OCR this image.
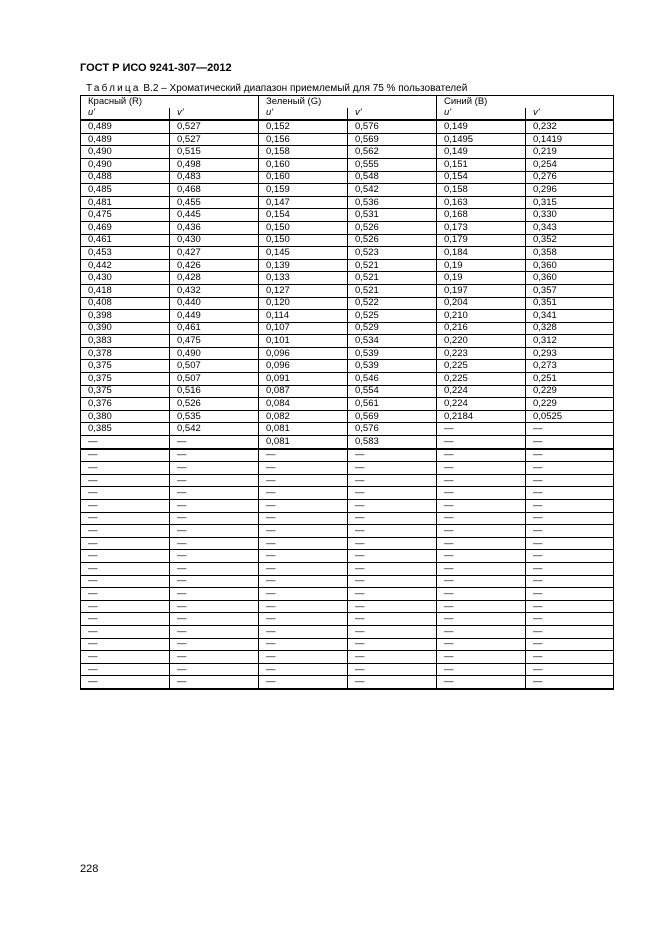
ГОСТ Р ИСО 9241-307—2012
Таблица В.2 – Хроматический диапазон приемлемый для 75 % пользователей
Красный (R)		Зеленый (G)		Синий (B)	
u'	v'	u'	v'	u'	v'
0,489	0,527	0,152	0,576	0,149	0,232
0,489	0,527	0,156	0,569	0,1495	0,1419
0,490	0,515	0,158	0,562	0,149	0,219
0,490	0,498	0,160	0,555	0,151	0,254
0,488	0,483	0,160	0,548	0,154	0,276
0,485	0,468	0,159	0,542	0,158	0,296
0,481	0,455	0,147	0,536	0,163	0,315
0,475	0,445	0,154	0,531	0,168	0,330
0,469	0,436	0,150	0,526	0,173	0,343
0,461	0,430	0,150	0,526	0,179	0,352
0,453	0,427	0,145	0,523	0,184	0,358
0,442	0,426	0,139	0,521	0,19	0,360
0,430	0,428	0,133	0,521	0,19	0,360
0,418	0,432	0,127	0,521	0,197	0,357
0,408	0,440	0,120	0,522	0,204	0,351
0,398	0,449	0,114	0,525	0,210	0,341
0,390	0,461	0,107	0,529	0,216	0,328
0,383	0,475	0,101	0,534	0,220	0,312
0,378	0,490	0,096	0,539	0,223	0,293
0,375	0,507	0,096	0,539	0,225	0,273
0,375	0,507	0,091	0,546	0,225	0,251
0,375	0,516	0,087	0,554	0,224	0,229
0,376	0,526	0,084	0,561	0,224	0,229
0,380	0,535	0,082	0,569	0,2184	0,0525
0,385	0,542	0,081	0,576	—	—
—	—	0,081	0,583	—	—
—	—	—	—	—	—
—	—	—	—	—	—
—	—	—	—	—	—
—	—	—	—	—	—
—	—	—	—	—	—
—	—	—	—	—	—
—	—	—	—	—	—
—	—	—	—	—	—
—	—	—	—	—	—
—	—	—	—	—	—
—	—	—	—	—	—
—	—	—	—	—	—
—	—	—	—	—	—
—	—	—	—	—	—
—	—	—	—	—	—
—	—	—	—	—	—
—	—	—	—	—	—
—	—	—	—	—	—
—	—	—	—	—	—
228
